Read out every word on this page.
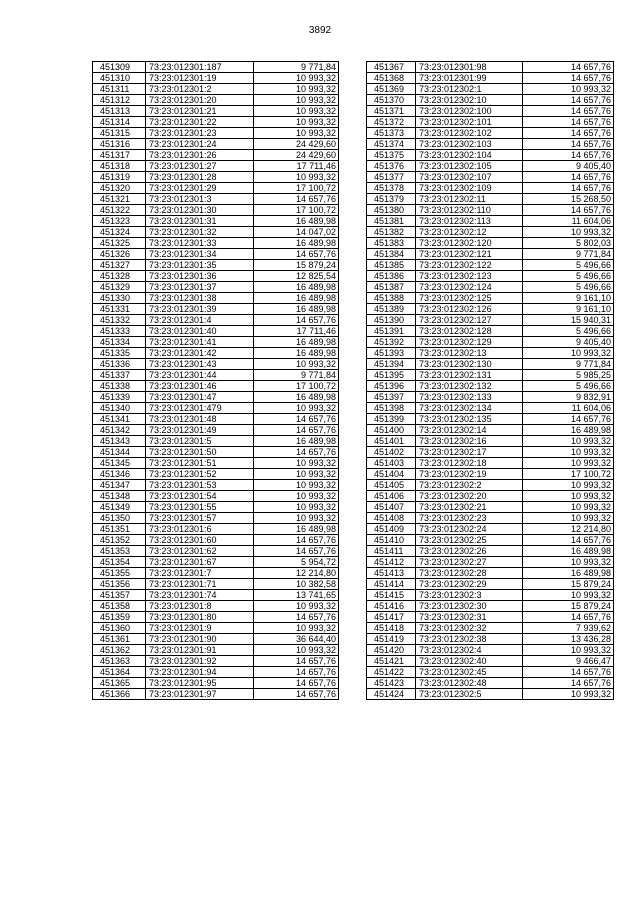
3892
451309	73:23:012301:187	9 771,84
451310	73:23:012301:19	10 993,32
451311	73:23:012301:2	10 993,32
451312	73:23:012301:20	10 993,32
451313	73:23:012301:21	10 993,32
451314	73:23:012301:22	10 993,32
451315	73:23:012301:23	10 993,32
451316	73:23:012301:24	24 429,60
451317	73:23:012301:26	24 429,60
451318	73:23:012301:27	17 711,46
451319	73:23:012301:28	10 993,32
451320	73:23:012301:29	17 100,72
451321	73:23:012301:3	14 657,76
451322	73:23:012301:30	17 100,72
451323	73:23:012301:31	16 489,98
451324	73:23:012301:32	14 047,02
451325	73:23:012301:33	16 489,98
451326	73:23:012301:34	14 657,76
451327	73:23:012301:35	15 879,24
451328	73:23:012301:36	12 825,54
451329	73:23:012301:37	16 489,98
451330	73:23:012301:38	16 489,98
451331	73:23:012301:39	16 489,98
451332	73:23:012301:4	14 657,76
451333	73:23:012301:40	17 711,46
451334	73:23:012301:41	16 489,98
451335	73:23:012301:42	16 489,98
451336	73:23:012301:43	10 993,32
451337	73:23:012301:44	9 771,84
451338	73:23:012301:46	17 100,72
451339	73:23:012301:47	16 489,98
451340	73:23:012301:479	10 993,32
451341	73:23:012301:48	14 657,76
451342	73:23:012301:49	14 657,76
451343	73:23:012301:5	16 489,98
451344	73:23:012301:50	14 657,76
451345	73:23:012301:51	10 993,32
451346	73:23:012301:52	10 993,32
451347	73:23:012301:53	10 993,32
451348	73:23:012301:54	10 993,32
451349	73:23:012301:55	10 993,32
451350	73:23:012301:57	10 993,32
451351	73:23:012301:6	16 489,98
451352	73:23:012301:60	14 657,76
451353	73:23:012301:62	14 657,76
451354	73:23:012301:67	5 954,72
451355	73:23:012301:7	12 214,80
451356	73:23:012301:71	10 382,58
451357	73:23:012301:74	13 741,65
451358	73:23:012301:8	10 993,32
451359	73:23:012301:80	14 657,76
451360	73:23:012301:9	10 993,32
451361	73:23:012301:90	36 644,40
451362	73:23:012301:91	10 993,32
451363	73:23:012301:92	14 657,76
451364	73:23:012301:94	14 657,76
451365	73:23:012301:95	14 657,76
451366	73:23:012301:97	14 657,76
451367	73:23:012301:98	14 657,76
451368	73:23:012301:99	14 657,76
451369	73:23:012302:1	10 993,32
451370	73:23:012302:10	14 657,76
451371	73:23:012302:100	14 657,76
451372	73:23:012302:101	14 657,76
451373	73:23:012302:102	14 657,76
451374	73:23:012302:103	14 657,76
451375	73:23:012302:104	14 657,76
451376	73:23:012302:105	9 405,40
451377	73:23:012302:107	14 657,76
451378	73:23:012302:109	14 657,76
451379	73:23:012302:11	15 268,50
451380	73:23:012302:110	14 657,76
451381	73:23:012302:113	11 604,06
451382	73:23:012302:12	10 993,32
451383	73:23:012302:120	5 802,03
451384	73:23:012302:121	9 771,84
451385	73:23:012302:122	5 496,66
451386	73:23:012302:123	5 496,66
451387	73:23:012302:124	5 496,66
451388	73:23:012302:125	9 161,10
451389	73:23:012302:126	9 161,10
451390	73:23:012302:127	15 940,31
451391	73:23:012302:128	5 496,66
451392	73:23:012302:129	9 405,40
451393	73:23:012302:13	10 993,32
451394	73:23:012302:130	9 771,84
451395	73:23:012302:131	5 985,25
451396	73:23:012302:132	5 496,66
451397	73:23:012302:133	9 832,91
451398	73:23:012302:134	11 604,06
451399	73:23:012302:135	14 657,76
451400	73:23:012302:14	16 489,98
451401	73:23:012302:16	10 993,32
451402	73:23:012302:17	10 993,32
451403	73:23:012302:18	10 993,32
451404	73:23:012302:19	17 100,72
451405	73:23:012302:2	10 993,32
451406	73:23:012302:20	10 993,32
451407	73:23:012302:21	10 993,32
451408	73:23:012302:23	10 993,32
451409	73:23:012302:24	12 214,80
451410	73:23:012302:25	14 657,76
451411	73:23:012302:26	16 489,98
451412	73:23:012302:27	10 993,32
451413	73:23:012302:28	16 489,98
451414	73:23:012302:29	15 879,24
451415	73:23:012302:3	10 993,32
451416	73:23:012302:30	15 879,24
451417	73:23:012302:31	14 657,76
451418	73:23:012302:32	7 939,62
451419	73:23:012302:38	13 436,28
451420	73:23:012302:4	10 993,32
451421	73:23:012302:40	9 466,47
451422	73:23:012302:45	14 657,76
451423	73:23:012302:48	14 657,76
451424	73:23:012302:5	10 993,32
